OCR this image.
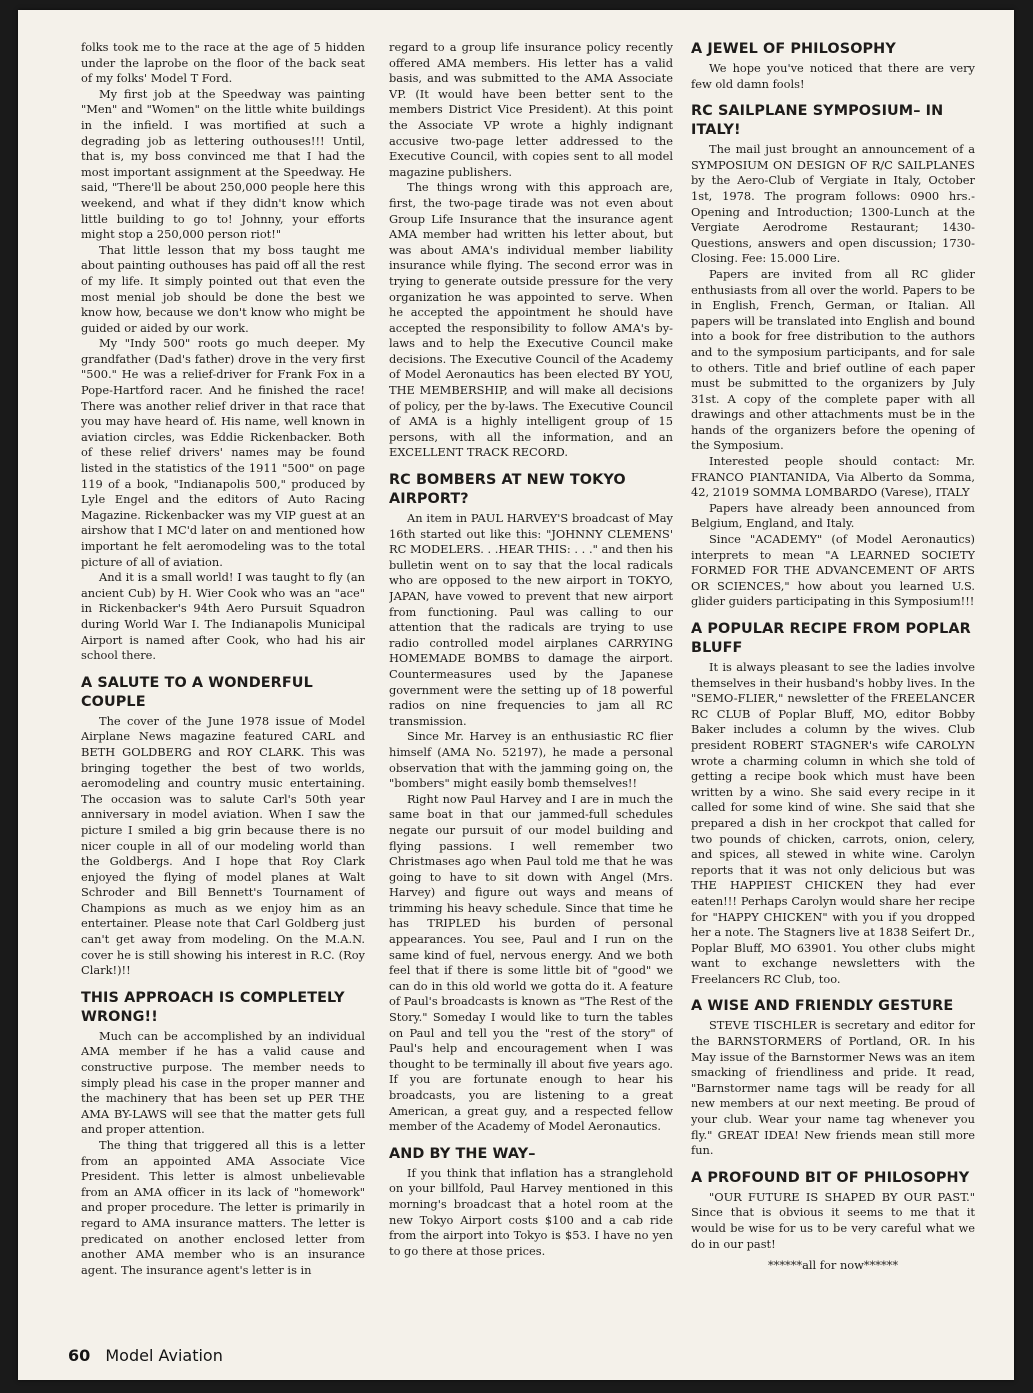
folks took me to the race at the age of 5 hidden under the laprobe on the floor of the back seat of my folks' Model T Ford.

My first job at the Speedway was painting "Men" and "Women" on the little white buildings in the infield. I was mortified at such a degrading job as lettering outhouses!!! Until, that is, my boss convinced me that I had the most important assignment at the Speedway. He said, "There'll be about 250,000 people here this weekend, and what if they didn't know which little building to go to! Johnny, your efforts might stop a 250,000 person riot!"

That little lesson that my boss taught me about painting outhouses has paid off all the rest of my life. It simply pointed out that even the most menial job should be done the best we know how, because we don't know who might be guided or aided by our work.

My "Indy 500" roots go much deeper. My grandfather (Dad's father) drove in the very first "500." He was a relief-driver for Frank Fox in a Pope-Hartford racer. And he finished the race! There was another relief driver in that race that you may have heard of. His name, well known in aviation circles, was Eddie Rickenbacker. Both of these relief drivers' names may be found listed in the statistics of the 1911 "500" on page 119 of a book, "Indianapolis 500," produced by Lyle Engel and the editors of Auto Racing Magazine. Rickenbacker was my VIP guest at an airshow that I MC'd later on and mentioned how important he felt aeromodeling was to the total picture of all of aviation.

And it is a small world! I was taught to fly (an ancient Cub) by H. Wier Cook who was an "ace" in Rickenbacker's 94th Aero Pursuit Squadron during World War I. The Indianapolis Municipal Airport is named after Cook, who had his air school there.

A SALUTE TO A WONDERFUL COUPLE

The cover of the June 1978 issue of Model Airplane News magazine featured CARL and BETH GOLDBERG and ROY CLARK. This was bringing together the best of two worlds, aeromodeling and country music entertaining. The occasion was to salute Carl's 50th year anniversary in model aviation. When I saw the picture I smiled a big grin because there is no nicer couple in all of our modeling world than the Goldbergs. And I hope that Roy Clark enjoyed the flying of model planes at Walt Schroder and Bill Bennett's Tournament of Champions as much as we enjoy him as an entertainer. Please note that Carl Goldberg just can't get away from modeling. On the M.A.N. cover he is still showing his interest in R.C. (Roy Clark!)!!

THIS APPROACH IS COMPLETELY WRONG!!

Much can be accomplished by an individual AMA member if he has a valid cause and constructive purpose. The member needs to simply plead his case in the proper manner and the machinery that has been set up PER THE AMA BY-LAWS will see that the matter gets full and proper attention.

The thing that triggered all this is a letter from an appointed AMA Associate Vice President. This letter is almost unbelievable from an AMA officer in its lack of "homework" and proper procedure. The letter is primarily in regard to AMA insurance matters. The letter is predicated on another enclosed letter from another AMA member who is an insurance agent. The insurance agent's letter is in

regard to a group life insurance policy recently offered AMA members. His letter has a valid basis, and was submitted to the AMA Associate VP. (It would have been better sent to the members District Vice President). At this point the Associate VP wrote a highly indignant accusive two-page letter addressed to the Executive Council, with copies sent to all model magazine publishers.

The things wrong with this approach are, first, the two-page tirade was not even about Group Life Insurance that the insurance agent AMA member had written his letter about, but was about AMA's individual member liability insurance while flying. The second error was in trying to generate outside pressure for the very organization he was appointed to serve. When he accepted the appointment he should have accepted the responsibility to follow AMA's by-laws and to help the Executive Council make decisions. The Executive Council of the Academy of Model Aeronautics has been elected BY YOU, THE MEMBERSHIP, and will make all decisions of policy, per the by-laws. The Executive Council of AMA is a highly intelligent group of 15 persons, with all the information, and an EXCELLENT TRACK RECORD.

RC BOMBERS AT NEW TOKYO AIRPORT?

An item in PAUL HARVEY'S broadcast of May 16th started out like this: "JOHNNY CLEMENS' RC MODELERS. . .HEAR THIS: . . ." and then his bulletin went on to say that the local radicals who are opposed to the new airport in TOKYO, JAPAN, have vowed to prevent that new airport from functioning. Paul was calling to our attention that the radicals are trying to use radio controlled model airplanes CARRYING HOMEMADE BOMBS to damage the airport. Countermeasures used by the Japanese government were the setting up of 18 powerful radios on nine frequencies to jam all RC transmission.

Since Mr. Harvey is an enthusiastic RC flier himself (AMA No. 52197), he made a personal observation that with the jamming going on, the "bombers" might easily bomb themselves!!

Right now Paul Harvey and I are in much the same boat in that our jammed-full schedules negate our pursuit of our model building and flying passions. I well remember two Christmases ago when Paul told me that he was going to have to sit down with Angel (Mrs. Harvey) and figure out ways and means of trimming his heavy schedule. Since that time he has TRIPLED his burden of personal appearances. You see, Paul and I run on the same kind of fuel, nervous energy. And we both feel that if there is some little bit of "good" we can do in this old world we gotta do it. A feature of Paul's broadcasts is known as "The Rest of the Story." Someday I would like to turn the tables on Paul and tell you the "rest of the story" of Paul's help and encouragement when I was thought to be terminally ill about five years ago. If you are fortunate enough to hear his broadcasts, you are listening to a great American, a great guy, and a respected fellow member of the Academy of Model Aeronautics.

AND BY THE WAY–

If you think that inflation has a stranglehold on your billfold, Paul Harvey mentioned in this morning's broadcast that a hotel room at the new Tokyo Airport costs $100 and a cab ride from the airport into Tokyo is $53. I have no yen to go there at those prices.

A JEWEL OF PHILOSOPHY

We hope you've noticed that there are very few old damn fools!

RC SAILPLANE SYMPOSIUM– IN ITALY!

The mail just brought an announcement of a SYMPOSIUM ON DESIGN OF R/C SAILPLANES by the Aero-Club of Vergiate in Italy, October 1st, 1978. The program follows: 0900 hrs.-Opening and Introduction; 1300-Lunch at the Vergiate Aerodrome Restaurant; 1430-Questions, answers and open discussion; 1730-Closing. Fee: 15.000 Lire.

Papers are invited from all RC glider enthusiasts from all over the world. Papers to be in English, French, German, or Italian. All papers will be translated into English and bound into a book for free distribution to the authors and to the symposium participants, and for sale to others. Title and brief outline of each paper must be submitted to the organizers by July 31st. A copy of the complete paper with all drawings and other attachments must be in the hands of the organizers before the opening of the Symposium.

Interested people should contact: Mr. FRANCO PIANTANIDA, Via Alberto da Somma, 42, 21019 SOMMA LOMBARDO (Varese), ITALY

Papers have already been announced from Belgium, England, and Italy.

Since "ACADEMY" (of Model Aeronautics) interprets to mean "A LEARNED SOCIETY FORMED FOR THE ADVANCEMENT OF ARTS OR SCIENCES," how about you learned U.S. glider guiders participating in this Symposium!!!

A POPULAR RECIPE FROM POPLAR BLUFF

It is always pleasant to see the ladies involve themselves in their husband's hobby lives. In the "SEMO-FLIER," newsletter of the FREELANCER RC CLUB of Poplar Bluff, MO, editor Bobby Baker includes a column by the wives. Club president ROBERT STAGNER's wife CAROLYN wrote a charming column in which she told of getting a recipe book which must have been written by a wino. She said every recipe in it called for some kind of wine. She said that she prepared a dish in her crockpot that called for two pounds of chicken, carrots, onion, celery, and spices, all stewed in white wine. Carolyn reports that it was not only delicious but was THE HAPPIEST CHICKEN they had ever eaten!!! Perhaps Carolyn would share her recipe for "HAPPY CHICKEN" with you if you dropped her a note. The Stagners live at 1838 Seifert Dr., Poplar Bluff, MO 63901. You other clubs might want to exchange newsletters with the Freelancers RC Club, too.

A WISE AND FRIENDLY GESTURE

STEVE TISCHLER is secretary and editor for the BARNSTORMERS of Portland, OR. In his May issue of the Barnstormer News was an item smacking of friendliness and pride. It read, "Barnstormer name tags will be ready for all new members at our next meeting. Be proud of your club. Wear your name tag whenever you fly." GREAT IDEA! New friends mean still more fun.

A PROFOUND BIT OF PHILOSOPHY

"OUR FUTURE IS SHAPED BY OUR PAST." Since that is obvious it seems to me that it would be wise for us to be very careful what we do in our past!

******all for now******

60 Model Aviation
